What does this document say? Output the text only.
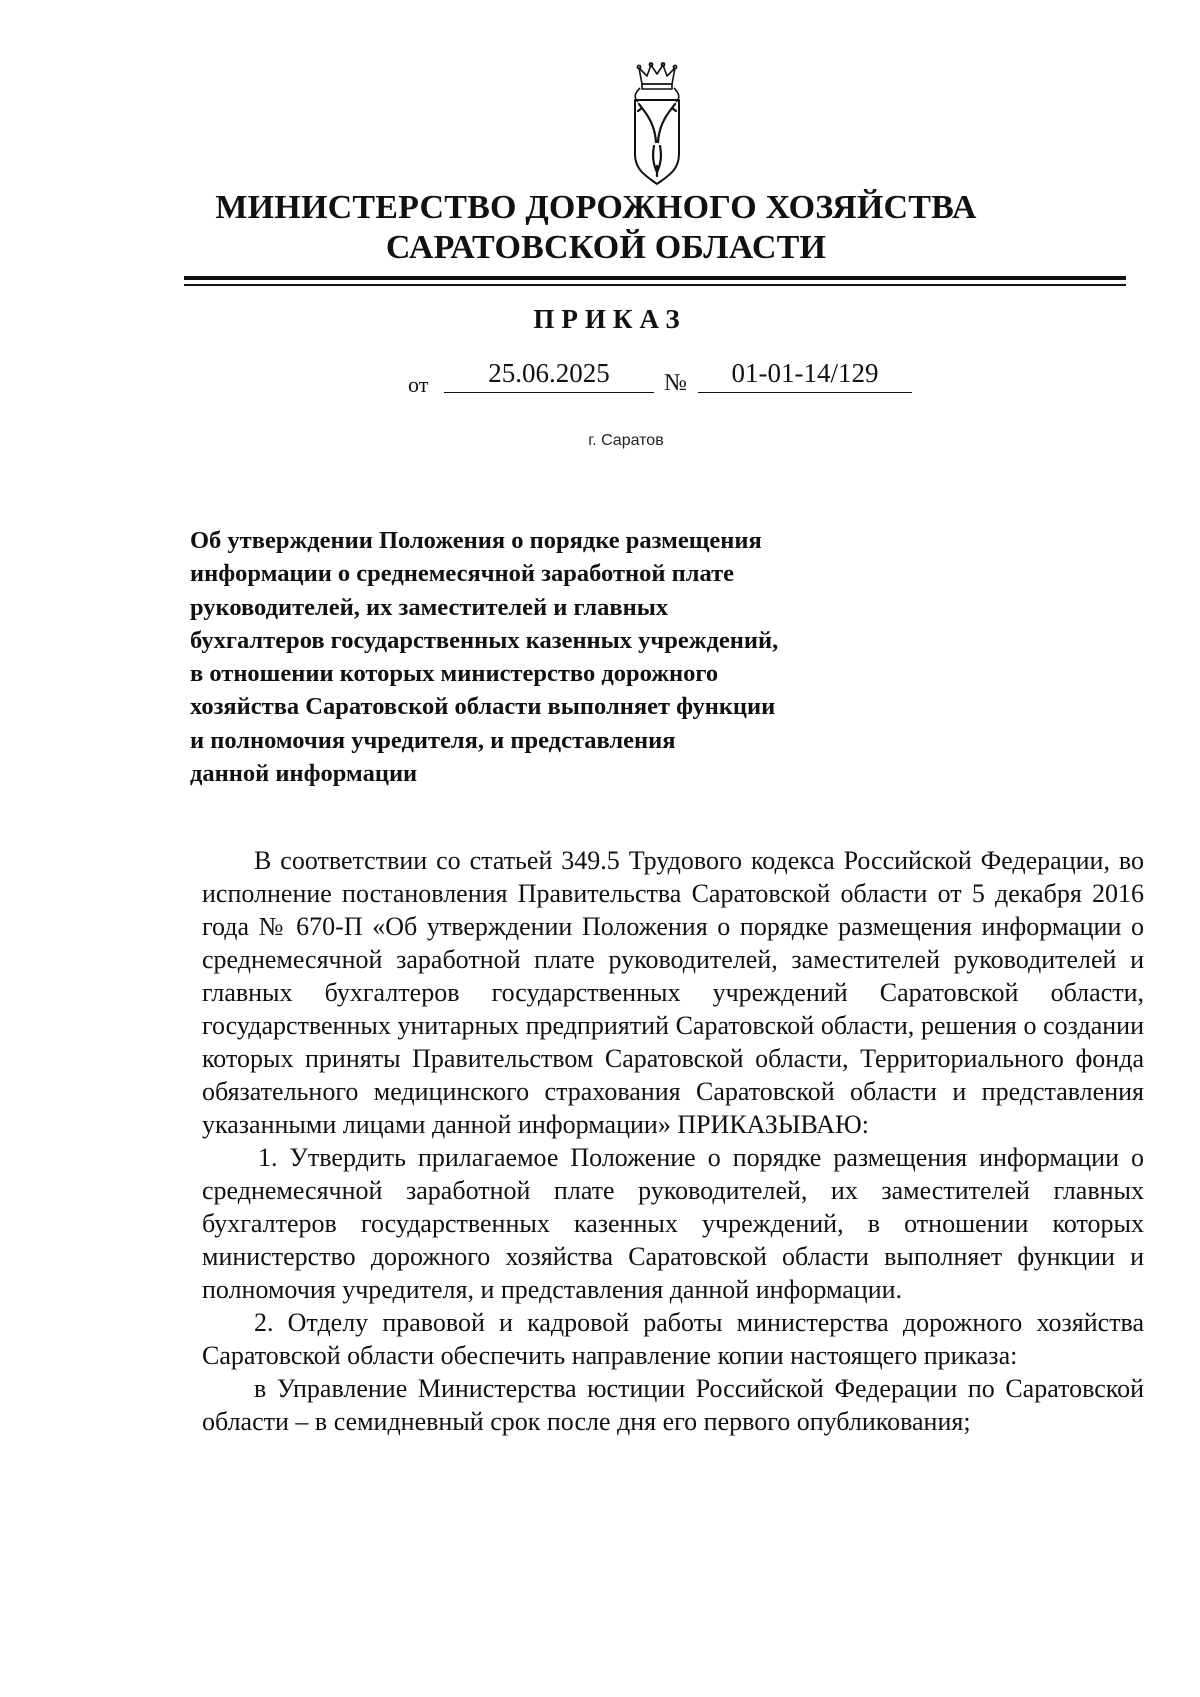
МИНИСТЕРСТВО ДОРОЖНОГО ХОЗЯЙСТВА
САРАТОВСКОЙ ОБЛАСТИ
ПРИКАЗ
от	25.06.2025	№	01-01-14/129
г. Саратов
Об утверждении Положения о порядке размещения
информации о среднемесячной заработной плате
руководителей, их заместителей и главных
бухгалтеров государственных казенных учреждений,
в отношении которых министерство дорожного
хозяйства Саратовской области выполняет функции
и полномочия учредителя, и представления
данной информации

В соответствии со статьей 349.5 Трудового кодекса Российской Федерации, во исполнение постановления Правительства Саратовской области от 5 декабря 2016 года № 670-П «Об утверждении Положения о порядке размещения информации о среднемесячной заработной плате руководителей, заместителей руководителей и главных бухгалтеров государственных учреждений Саратовской области, государственных унитарных предприятий Саратовской области, решения о создании которых приняты Правительством Саратовской области, Территориального фонда обязательного медицинского страхования Саратовской области и представления указанными лицами данной информации» ПРИКАЗЫВАЮ:

1. Утвердить прилагаемое Положение о порядке размещения информации о среднемесячной заработной плате руководителей, их заместителей главных бухгалтеров государственных казенных учреждений, в отношении которых министерство дорожного хозяйства Саратовской области выполняет функции и полномочия учредителя, и представления данной информации.

2. Отделу правовой и кадровой работы министерства дорожного хозяйства Саратовской области обеспечить направление копии настоящего приказа:

в Управление Министерства юстиции Российской Федерации по Саратовской области – в семидневный срок после дня его первого опубликования;
